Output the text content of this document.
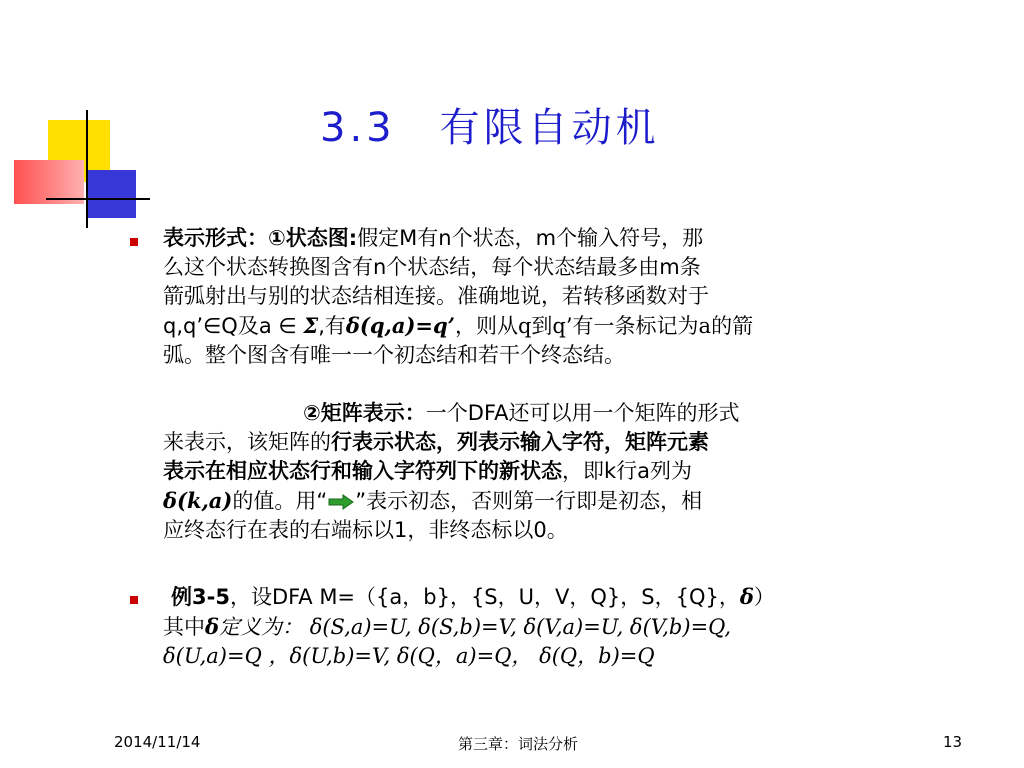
3.3　有限自动机
表示形式：①状态图:假定M有n个状态，m个输入符号，那
么这个状态转换图含有n个状态结，每个状态结最多由m条
箭弧射出与别的状态结相连接。准确地说，若转移函数对于
q,q’∈Q及a ∈ Σ,有δ(q,a)=q’，则从q到q’有一条标记为a的箭
弧。整个图含有唯一一个初态结和若干个终态结。
②矩阵表示：一个DFA还可以用一个矩阵的形式
来表示，该矩阵的行表示状态，列表示输入字符，矩阵元素
表示在相应状态行和输入字符列下的新状态，即k行a列为
δ(k,a)的值。用“ ”表示初态，否则第一行即是初态，相
应终态行在表的右端标以1，非终态标以0。
例3-5，设DFA M=（{a，b}，{S，U，V，Q}，S，{Q}，δ）
其中δ定义为： δ(S,a)=U, δ(S,b)=V, δ(V,a)=U, δ(V,b)=Q,
δ(U,a)=Q ，δ(U,b)=V, δ(Q，a)=Q， δ(Q，b)=Q
2014/11/14	第三章：词法分析	13
